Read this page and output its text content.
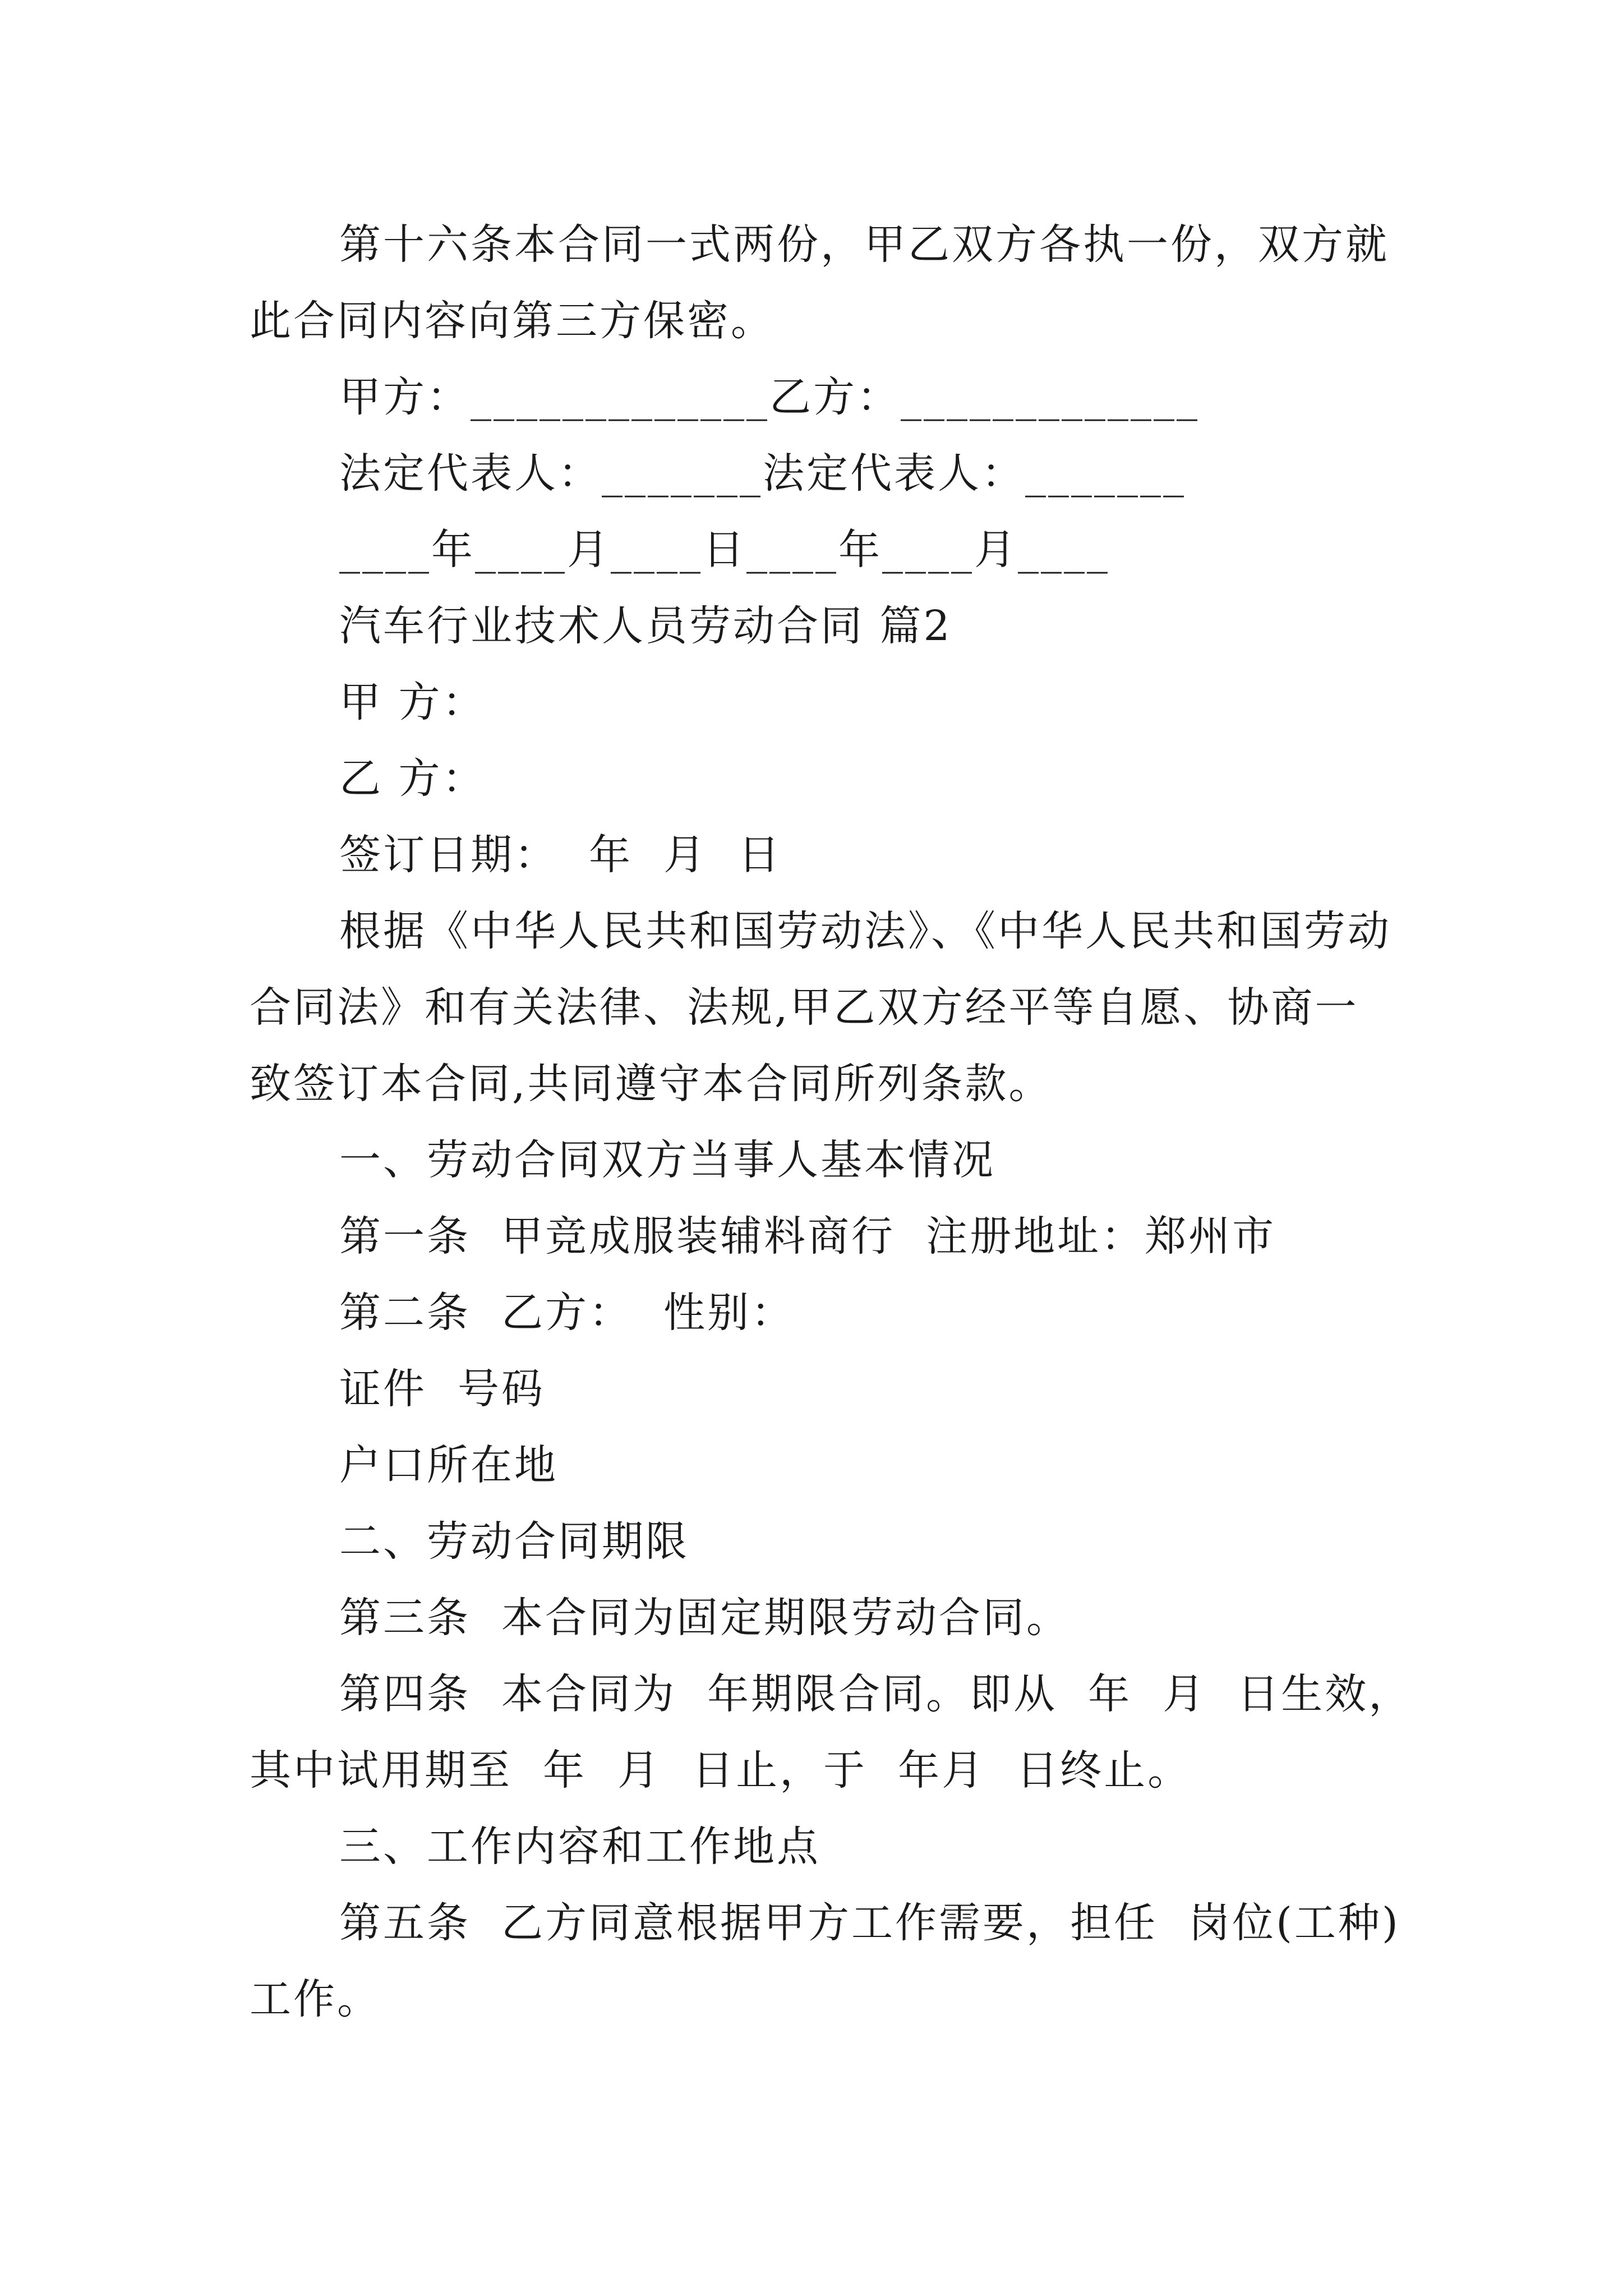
第十六条本合同一式两份，甲乙双方各执一份，双方就
此合同内容向第三方保密。
甲方：_____________乙方：_____________
法定代表人：_______法定代表人：_______
____年____月____日____年____月____
汽车行业技术人员劳动合同 篇2
甲 方：
乙 方：
签订日期：  年  月  日
根据《中华人民共和国劳动法》、《中华人民共和国劳动
合同法》和有关法律、法规,甲乙双方经平等自愿、协商一
致签订本合同,共同遵守本合同所列条款。
一、劳动合同双方当事人基本情况
第一条  甲竞成服装辅料商行  注册地址：郑州市
第二条  乙方：  性别：
证件  号码
户口所在地
二、劳动合同期限
第三条  本合同为固定期限劳动合同。
第四条  本合同为  年期限合同。即从  年  月  日生效，
其中试用期至  年  月  日止，于  年月  日终止。
三、工作内容和工作地点
第五条  乙方同意根据甲方工作需要，担任  岗位(工种)
工作。
